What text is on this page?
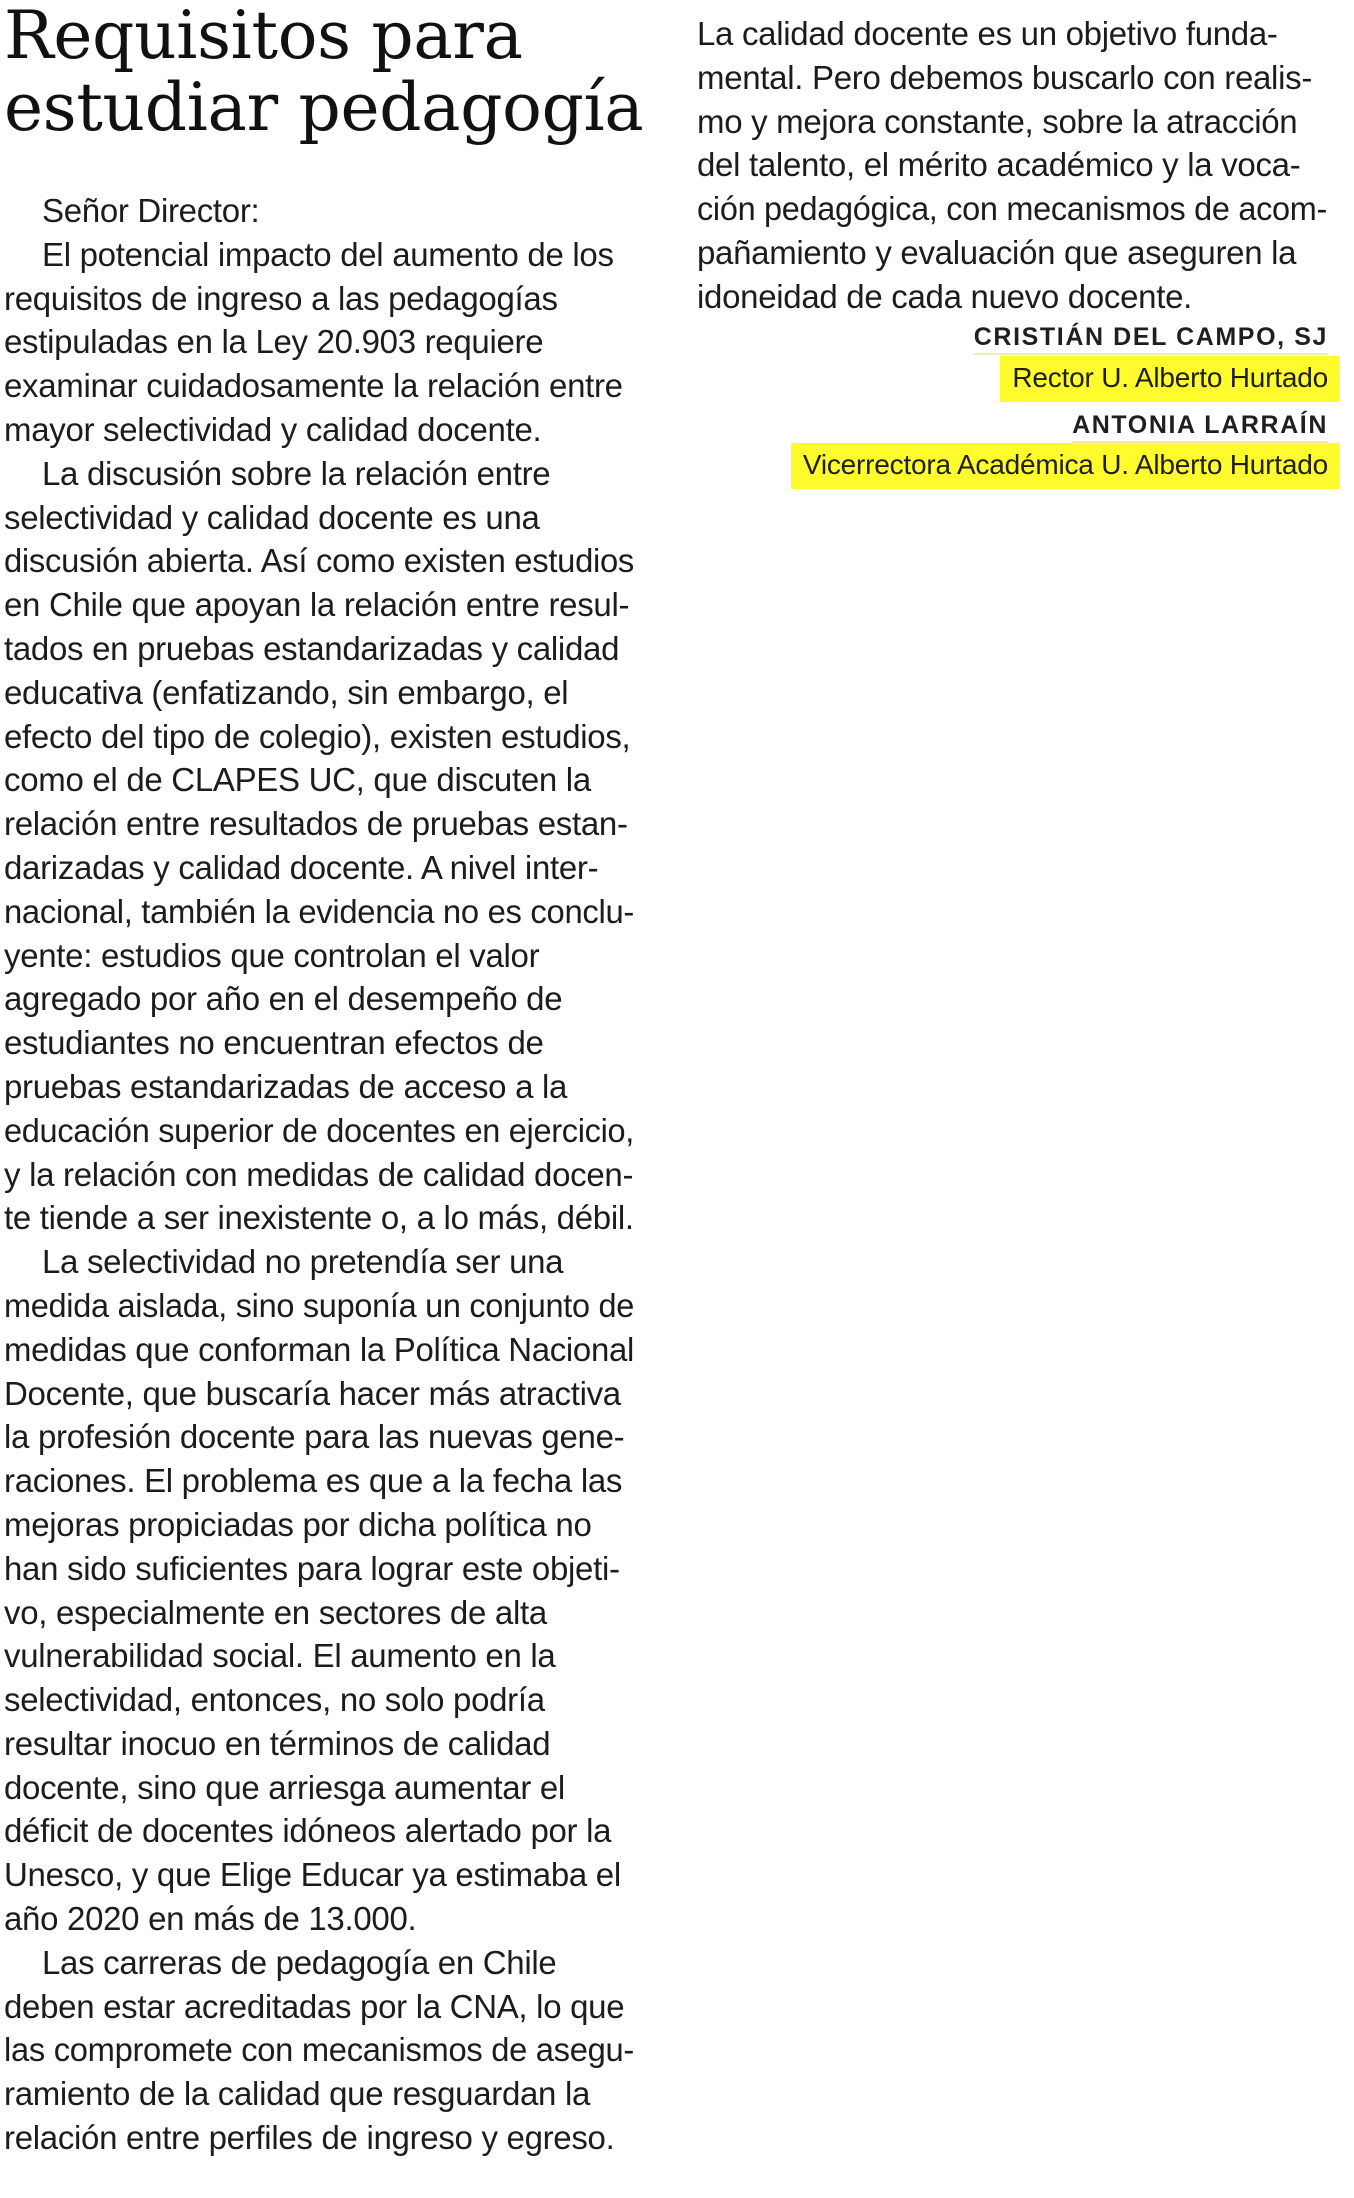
Requisitos para
estudiar pedagogía
Señor Director:
El potencial impacto del aumento de los
requisitos de ingreso a las pedagogías
estipuladas en la Ley 20.903 requiere
examinar cuidadosamente la relación entre
mayor selectividad y calidad docente.
La discusión sobre la relación entre
selectividad y calidad docente es una
discusión abierta. Así como existen estudios
en Chile que apoyan la relación entre resul-
tados en pruebas estandarizadas y calidad
educativa (enfatizando, sin embargo, el
efecto del tipo de colegio), existen estudios,
como el de CLAPES UC, que discuten la
relación entre resultados de pruebas estan-
darizadas y calidad docente. A nivel inter-
nacional, también la evidencia no es conclu-
yente: estudios que controlan el valor
agregado por año en el desempeño de
estudiantes no encuentran efectos de
pruebas estandarizadas de acceso a la
educación superior de docentes en ejercicio,
y la relación con medidas de calidad docen-
te tiende a ser inexistente o, a lo más, débil.
La selectividad no pretendía ser una
medida aislada, sino suponía un conjunto de
medidas que conforman la Política Nacional
Docente, que buscaría hacer más atractiva
la profesión docente para las nuevas gene-
raciones. El problema es que a la fecha las
mejoras propiciadas por dicha política no
han sido suficientes para lograr este objeti-
vo, especialmente en sectores de alta
vulnerabilidad social. El aumento en la
selectividad, entonces, no solo podría
resultar inocuo en términos de calidad
docente, sino que arriesga aumentar el
déficit de docentes idóneos alertado por la
Unesco, y que Elige Educar ya estimaba el
año 2020 en más de 13.000.
Las carreras de pedagogía en Chile
deben estar acreditadas por la CNA, lo que
las compromete con mecanismos de asegu-
ramiento de la calidad que resguardan la
relación entre perfiles de ingreso y egreso.
La calidad docente es un objetivo funda-
mental. Pero debemos buscarlo con realis-
mo y mejora constante, sobre la atracción
del talento, el mérito académico y la voca-
ción pedagógica, con mecanismos de acom-
pañamiento y evaluación que aseguren la
idoneidad de cada nuevo docente.
CRISTIÁN DEL CAMPO, SJ
Rector U. Alberto Hurtado
ANTONIA LARRAÍN
Vicerrectora Académica U. Alberto Hurtado
